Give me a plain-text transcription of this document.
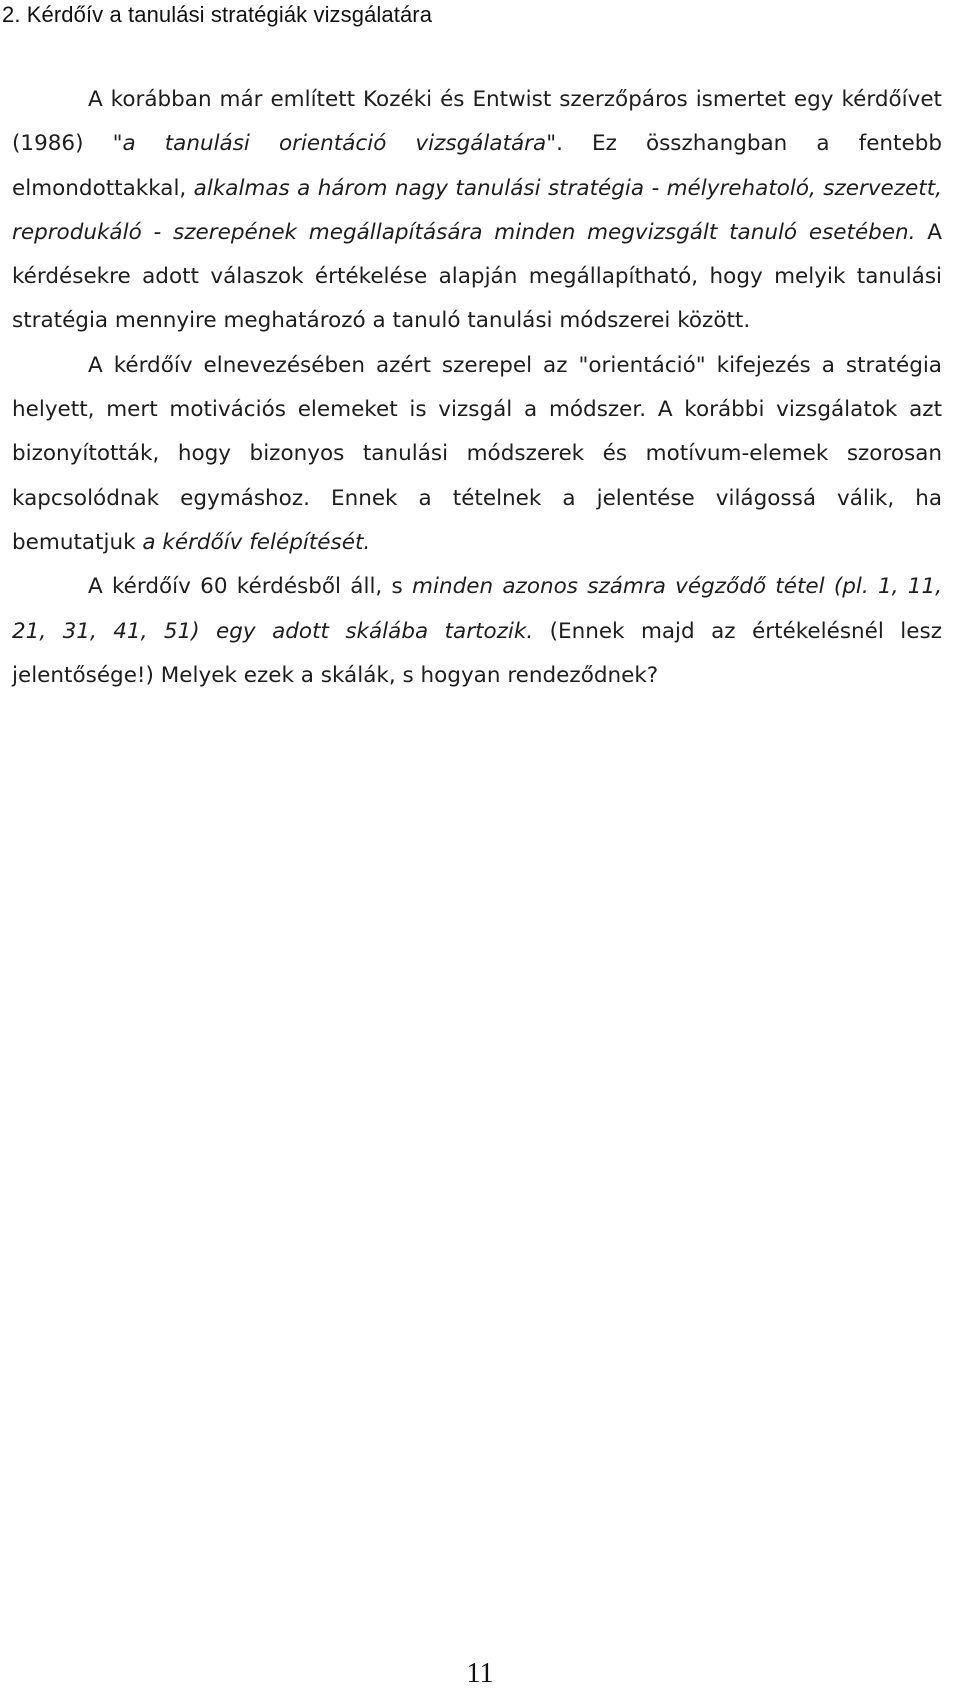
2. Kérdőív a tanulási stratégiák vizsgálatára

A korábban már említett Kozéki és Entwist szerzőpáros ismertet egy kérdőívet (1986) "a tanulási orientáció vizsgálatára". Ez összhangban a fentebb elmondottakkal, alkalmas a három nagy tanulási stratégia - mélyrehatoló, szervezett, reprodukáló - szerepének megállapítására minden megvizsgált tanuló esetében. A kérdésekre adott válaszok értékelése alapján megállapítható, hogy melyik tanulási stratégia mennyire meghatározó a tanuló tanulási módszerei között.

A kérdőív elnevezésében azért szerepel az "orientáció" kifejezés a stratégia helyett, mert motivációs elemeket is vizsgál a módszer. A korábbi vizsgálatok azt bizonyították, hogy bizonyos tanulási módszerek és motívum-elemek szorosan kapcsolódnak egymáshoz. Ennek a tételnek a jelentése világossá válik, ha bemutatjuk a kérdőív felépítését.

A kérdőív 60 kérdésből áll, s minden azonos számra végződő tétel (pl. 1, 11, 21, 31, 41, 51) egy adott skálába tartozik. (Ennek majd az értékelésnél lesz jelentősége!) Melyek ezek a skálák, s hogyan rendeződnek?

11
